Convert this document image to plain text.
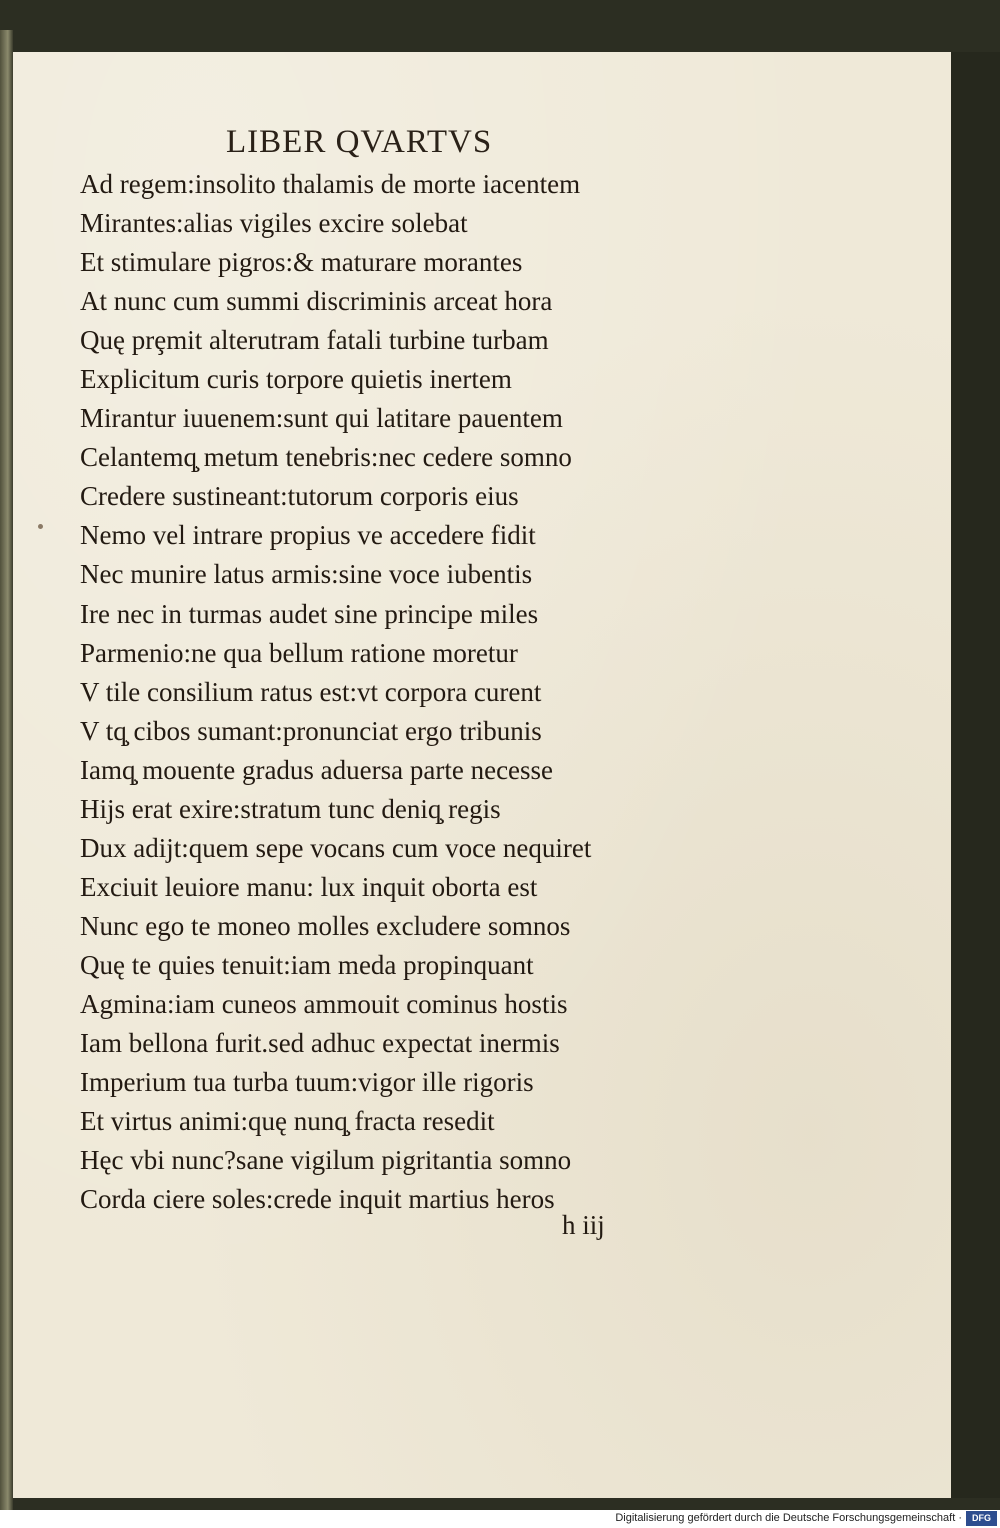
LIBER QVARTVS
Ad regem:insolito thalamis de morte iacentem
Mirantes:alias vigiles excire solebat
Et stimulare pigros:& maturare morantes
At nunc cum summi discriminis arceat hora
Quę prȩmit alterutram fatali turbine turbam
Explicitum curis torpore quietis inertem
Mirantur iuuenem:sunt qui latitare pauentem
Celantemq̧ metum tenebris:nec cedere somno
Credere sustineant:tutorum corporis eius
Nemo vel intrare propius ve accedere fidit
Nec munire latus armis:sine voce iubentis
Ire nec in turmas audet sine principe miles
Parmenio:ne qua bellum ratione moretur
V tile consilium ratus est:vt corpora curent
V tq̧ cibos sumant:pronunciat ergo tribunis
Iamq̧ mouente gradus aduersa parte necesse
Hijs erat exire:stratum tunc deniq̧ regis
Dux adijt:quem sepe vocans cum voce nequiret
Exciuit leuiore manu: lux inquit oborta est
Nunc ego te moneo molles excludere somnos
Quę te quies tenuit:iam meda propinquant
Agmina:iam cuneos ammouit cominus hostis
Iam bellona furit.sed adhuc expectat inermis
Imperium tua turba tuum:vigor ille rigoris
Et virtus animi:quę nunq̧ fracta resedit
Hęc vbi nunc?sane vigilum pigritantia somno
Corda ciere soles:crede inquit martius heros
h iij
Digitalisierung gefördert durch die Deutsche Forschungsgemeinschaft ·	DFG
